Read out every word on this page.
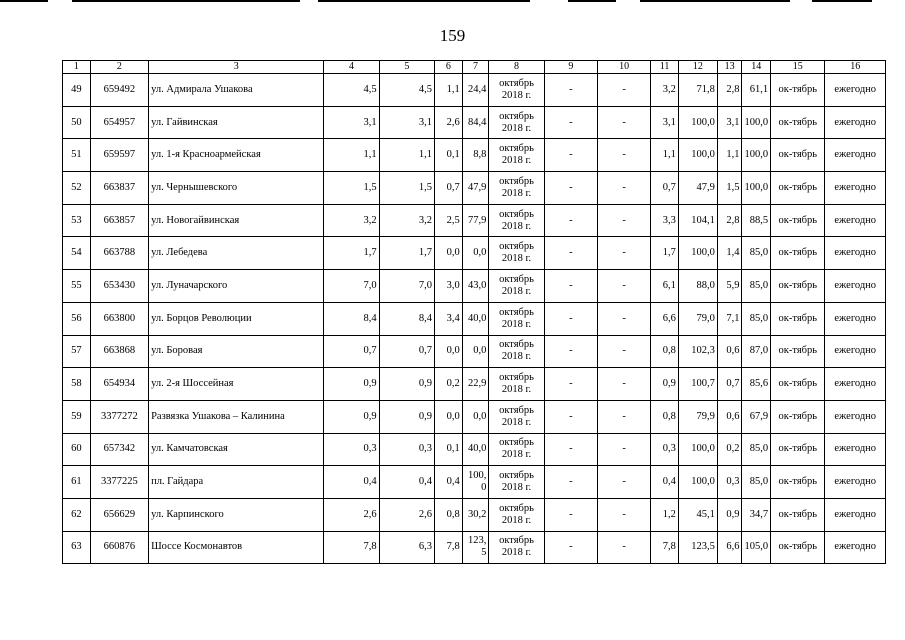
159
1	2	3	4	5	6	7	8	9	10	11	12	13	14	15	16
49	659492	ул. Адмирала Ушакова	4,5	4,5	1,1	24,4	октябрь 2018 г.	-	-	3,2	71,8	2,8	61,1	ок-тябрь	ежегодно
50	654957	ул. Гайвинская	3,1	3,1	2,6	84,4	октябрь 2018 г.	-	-	3,1	100,0	3,1	100,0	ок-тябрь	ежегодно
51	659597	ул. 1-я Красноармейская	1,1	1,1	0,1	8,8	октябрь 2018 г.	-	-	1,1	100,0	1,1	100,0	ок-тябрь	ежегодно
52	663837	ул. Чернышевского	1,5	1,5	0,7	47,9	октябрь 2018 г.	-	-	0,7	47,9	1,5	100,0	ок-тябрь	ежегодно
53	663857	ул. Новогайвинская	3,2	3,2	2,5	77,9	октябрь 2018 г.	-	-	3,3	104,1	2,8	88,5	ок-тябрь	ежегодно
54	663788	ул. Лебедева	1,7	1,7	0,0	0,0	октябрь 2018 г.	-	-	1,7	100,0	1,4	85,0	ок-тябрь	ежегодно
55	653430	ул. Луначарского	7,0	7,0	3,0	43,0	октябрь 2018 г.	-	-	6,1	88,0	5,9	85,0	ок-тябрь	ежегодно
56	663800	ул. Борцов Революции	8,4	8,4	3,4	40,0	октябрь 2018 г.	-	-	6,6	79,0	7,1	85,0	ок-тябрь	ежегодно
57	663868	ул. Боровая	0,7	0,7	0,0	0,0	октябрь 2018 г.	-	-	0,8	102,3	0,6	87,0	ок-тябрь	ежегодно
58	654934	ул. 2-я Шоссейная	0,9	0,9	0,2	22,9	октябрь 2018 г.	-	-	0,9	100,7	0,7	85,6	ок-тябрь	ежегодно
59	3377272	Развязка Ушакова – Калинина	0,9	0,9	0,0	0,0	октябрь 2018 г.	-	-	0,8	79,9	0,6	67,9	ок-тябрь	ежегодно
60	657342	ул. Камчатовская	0,3	0,3	0,1	40,0	октябрь 2018 г.	-	-	0,3	100,0	0,2	85,0	ок-тябрь	ежегодно
61	3377225	пл. Гайдара	0,4	0,4	0,4	100,0	октябрь 2018 г.	-	-	0,4	100,0	0,3	85,0	ок-тябрь	ежегодно
62	656629	ул. Карпинского	2,6	2,6	0,8	30,2	октябрь 2018 г.	-	-	1,2	45,1	0,9	34,7	ок-тябрь	ежегодно
63	660876	Шоссе Космонавтов	7,8	6,3	7,8	123,5	октябрь 2018 г.	-	-	7,8	123,5	6,6	105,0	ок-тябрь	ежегодно
